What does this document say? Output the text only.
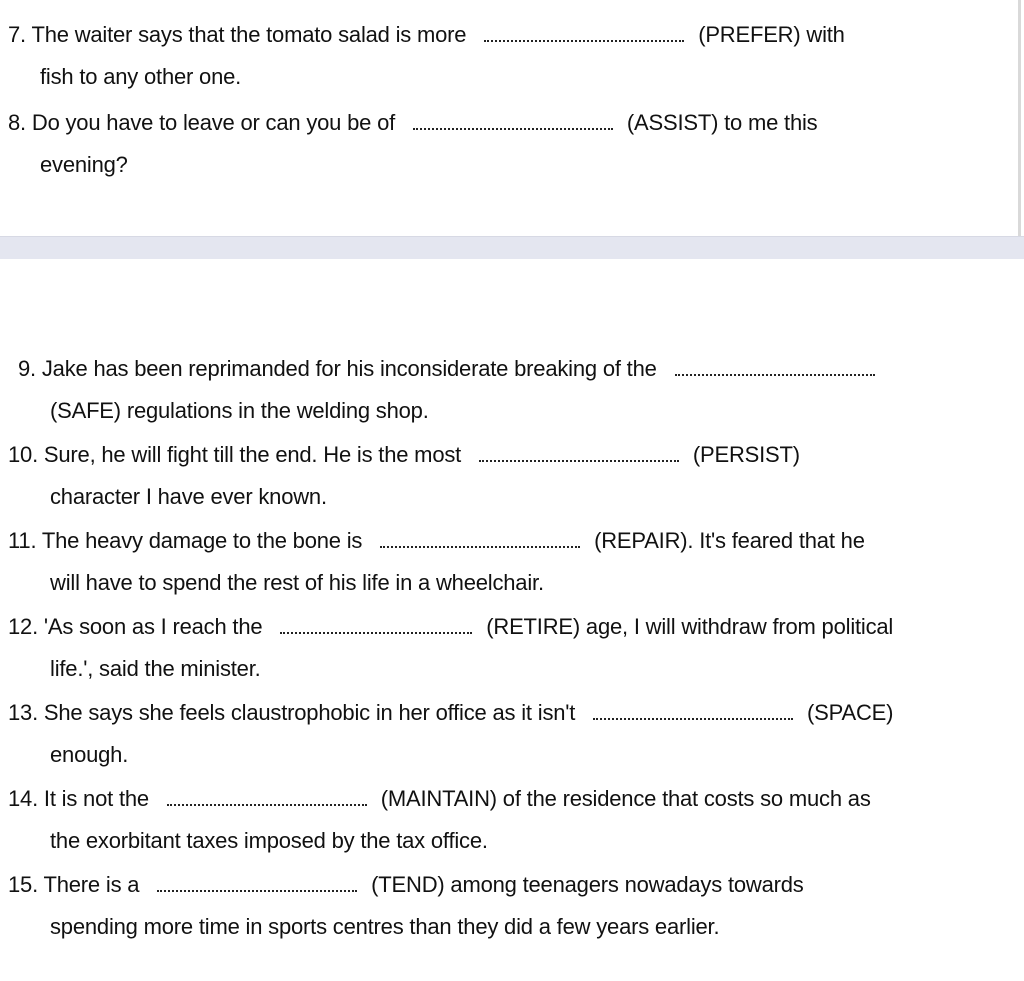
7. The waiter says that the tomato salad is more	(PREFER) with
fish to any other one.
8. Do you have to leave or can you be of	(ASSIST) to me this
evening?
9. Jake has been reprimanded for his inconsiderate breaking of the
(SAFE) regulations in the welding shop.
10. Sure, he will fight till the end. He is the most	(PERSIST)
character I have ever known.
11. The heavy damage to the bone is	(REPAIR). It's feared that he
will have to spend the rest of his life in a wheelchair.
12. 'As soon as I reach the	(RETIRE) age, I will withdraw from political
life.', said the minister.
13. She says she feels claustrophobic in her office as it isn't	(SPACE)
enough.
14. It is not the	(MAINTAIN) of the residence that costs so much as
the exorbitant taxes imposed by the tax office.
15. There is a	(TEND) among teenagers nowadays towards
spending more time in sports centres than they did a few years earlier.
